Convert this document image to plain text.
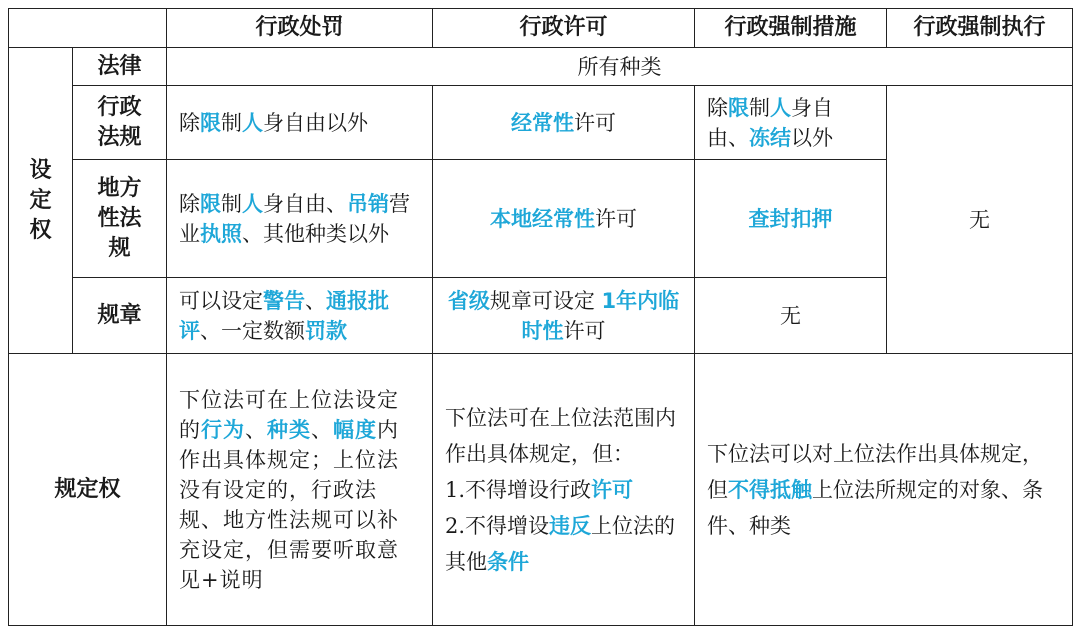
		行政处罚	行政许可	行政强制措施	行政强制执行
设定权	法律	所有种类			

	行政法规	除限制人身自由以外	经常性许可	除限制人身自由、冻结以外	无

	地方性法规	除限制人身自由、吊销营业执照、其他种类以外	本地经常性许可	查封扣押	
	规章	可以设定警告、通报批评、一定数额罚款	省级规章可设定 1年内临时性许可	无	
规定权		下位法可在上位法设定的行为、种类、幅度内作出具体规定；上位法没有设定的，行政法规、地方性法规可以补充设定，但需要听取意见+说明	下位法可在上位法范围内作出具体规定，但：
1.不得增设行政许可
2.不得增设违反上位法的其他条件	下位法可以对上位法作出具体规定，但不得抵触上位法所规定的对象、条件、种类	
